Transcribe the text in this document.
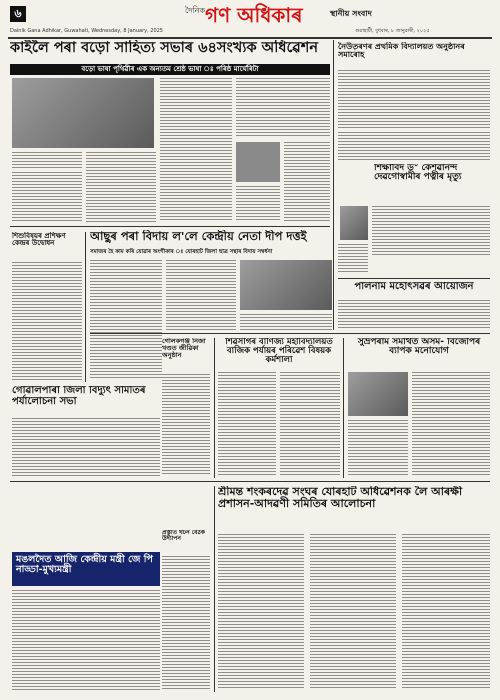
৬	দৈনিক গণ অধিকাৰ	স্থানীয় সংবাদ
Dainik Gana Adhikar, Guwahati, Wednesday, 8 January, 2025	গুৱাহাটী, বুধবাৰ, ৮ জানুৱাৰী, ২০২৫
কাইলৈ পৰা বড়ো সাহিত্য সভাৰ ৬৪সংখ্যক অধিৱেশন
বড়ো ভাষা পৃথিৱীৰ এক অন্যতম শ্ৰেষ্ঠ ভাষা ঃ পৰিষ্ঠ মাৰ্ঘেৰিটা
নৈউ়তৰণৰ প্ৰথমিক বিদ্যালয়ত অনুষ্ঠানৰ সমাৰোহ
শিক্ষাবিদ ড° কেশৱানন্দ দেৱগোস্বামীৰ পত্নীৰ মৃত্যু
শিশুবিষয়ৰ প্ৰশিক্ষণ কেন্দ্ৰৰ উদ্বোধন	আছুৰ পৰা বিদায় ল'লে কেন্দ্ৰীয় নেতা দীপ দত্তই
সমাজৰ হৈ কাম কৰি যোৱাৰ অংগীকাৰ ঃ যোৰহাট জিলা ছাত্ৰ সন্থাৰ বিদায় সম্বৰ্ধনা
পালনাম মহোৎসৱৰ আয়োজন
গোৱালপাৰা জিলা বিদ্যুৎ সমিতিৰ পৰ্যালোচনা সভা
গোলকগঞ্জ নিজা খণ্ডত জীৱিকা অনুষ্ঠান
শিৱসাগৰ বাণিজ্য মহাবিদ্যালয়ত বাজিক পৰ্যায়ৰ পৰিৱেশ বিষয়ক কৰ্মশালা
সুভ্ৰপৰাম সমৰ্থিত অসম- বিজেপিৰ ব্যাপক মনোযোগ
মঙলদৈত আজি কেন্দ্ৰীয় মন্ত্ৰী জে পি নাড্ডা-মুখ্যমন্ত্ৰী
প্ৰস্তুতি ঘটন বৈঠক উদ্যাপন
শ্ৰীমন্ত শংকৰদেৱ সংঘৰ যোৰহাট অধিৱেশনক লৈ আৰক্ষী প্ৰশাসন-আদৱণী সমিতিৰ আলোচনা
